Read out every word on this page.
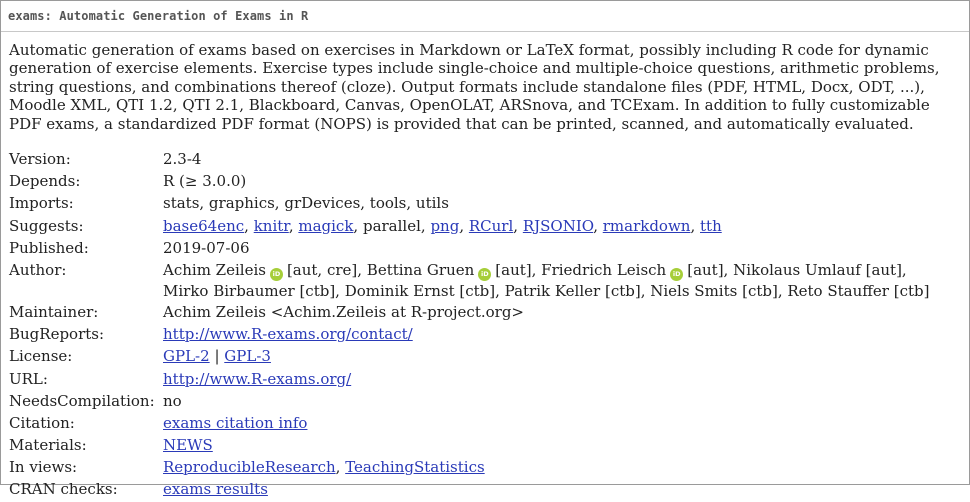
exams: Automatic Generation of Exams in R
Automatic generation of exams based on exercises in Markdown or LaTeX format, possibly including R code for dynamic generation of exercise elements. Exercise types include single-choice and multiple-choice questions, arithmetic problems, string questions, and combinations thereof (cloze). Output formats include standalone files (PDF, HTML, Docx, ODT, ...), Moodle XML, QTI 1.2, QTI 2.1, Blackboard, Canvas, OpenOLAT, ARSnova, and TCExam. In addition to fully customizable PDF exams, a standardized PDF format (NOPS) is provided that can be printed, scanned, and automatically evaluated.
Version:	2.3-4
Depends:	R (≥ 3.0.0)
Imports:	stats, graphics, grDevices, tools, utils
Suggests:	base64enc, knitr, magick, parallel, png, RCurl, RJSONIO, rmarkdown, tth
Published:	2019-07-06
Author:	Achim Zeileis iD [aut, cre], Bettina Gruen iD [aut], Friedrich Leisch iD [aut], Nikolaus Umlauf [aut],
Mirko Birbaumer [ctb], Dominik Ernst [ctb], Patrik Keller [ctb], Niels Smits [ctb], Reto Stauffer [ctb]

Maintainer:	Achim Zeileis <Achim.Zeileis at R-project.org>
BugReports:	http://www.R-exams.org/contact/
License:	GPL-2 | GPL-3
URL:	http://www.R-exams.org/
NeedsCompilation:	no
Citation:	exams citation info
Materials:	NEWS
In views:	ReproducibleResearch, TeachingStatistics
CRAN checks:	exams results
